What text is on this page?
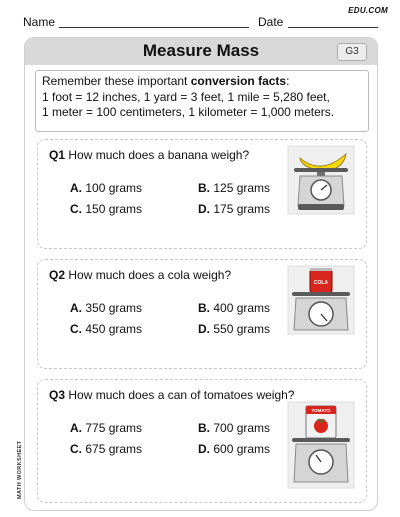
EDU.COM
Name	Date
MATH WORKSHEET
Measure Mass	G3
Remember these important conversion facts:
1 foot = 12 inches, 1 yard = 3 feet, 1 mile = 5,280 feet,
1 meter = 100 centimeters, 1 kilometer = 1,000 meters.
Q1 How much does a banana weigh?
A. 100 grams	B. 125 grams
C. 150 grams	D. 175 grams
Q2 How much does a cola weigh?
A. 350 grams	B. 400 grams
C. 450 grams	D. 550 grams
COLA
Q3 How much does a can of tomatoes weigh?
A. 775 grams	B. 700 grams
C. 675 grams	D. 600 grams
TOMATO
